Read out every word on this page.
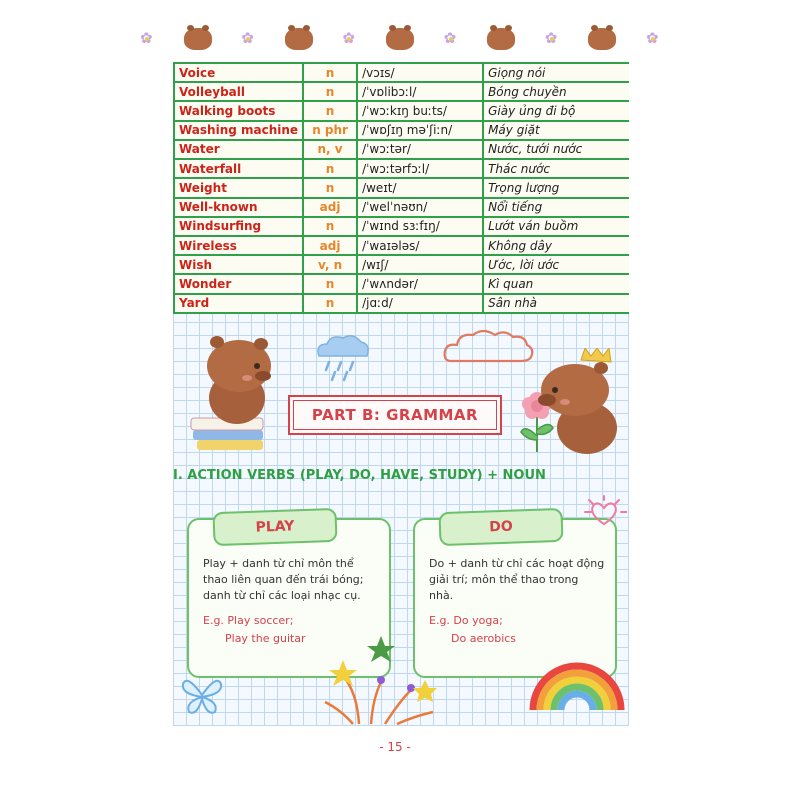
✿
✿
✿
✿
✿
✿
Voice	n	/vɔɪs/	Giọng nói
Volleyball	n	/ˈvɒlibɔːl/	Bóng chuyền
Walking boots	n	/ˈwɔːkɪŋ buːts/	Giày ủng đi bộ
Washing machine	n phr	/ˈwɒʃɪŋ məˈʃiːn/	Máy giặt
Water	n, v	/ˈwɔːtər/	Nước, tưới nước
Waterfall	n	/ˈwɔːtərfɔːl/	Thác nước
Weight	n	/weɪt/	Trọng lượng
Well-known	adj	/ˈwelˈnəʊn/	Nổi tiếng
Windsurfing	n	/ˈwɪnd sɜːfɪŋ/	Lướt ván buồm
Wireless	adj	/ˈwaɪələs/	Không dây
Wish	v, n	/wɪʃ/	Ước, lời ước
Wonder	n	/ˈwʌndər/	Kì quan
Yard	n	/jɑːd/	Sân nhà
PART B: GRAMMAR
PLAY
Play + danh từ chỉ môn thể thao liên quan đến trái bóng; danh từ chỉ các loại nhạc cụ.
E.g. Play soccer;
Play the guitar
DO
Do + danh từ chỉ các hoạt động giải trí; môn thể thao trong nhà.
E.g. Do yoga;
Do aerobics
I. ACTION VERBS (PLAY, DO, HAVE, STUDY) + NOUN
- 15 -
